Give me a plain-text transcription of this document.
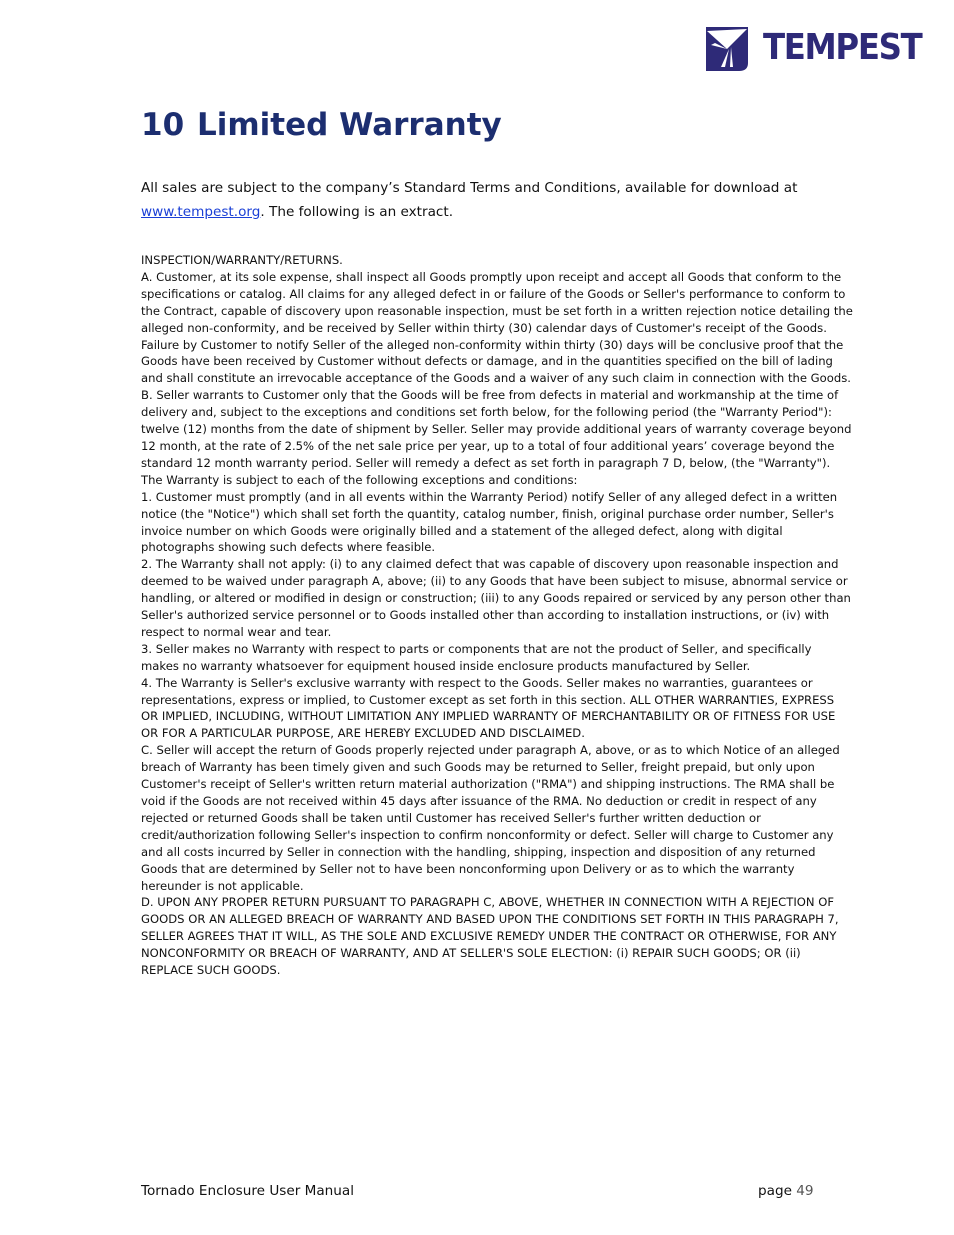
TEMPEST
10 Limited Warranty

All sales are subject to the company’s Standard Terms and Conditions, available for download at
www.tempest.org. The following is an extract.

INSPECTION/WARRANTY/RETURNS.

A. Customer, at its sole expense, shall inspect all Goods promptly upon receipt and accept all Goods that conform to the specifications or catalog. All claims for any alleged defect in or failure of the Goods or Seller's performance to conform to the Contract, capable of discovery upon reasonable inspection, must be set forth in a written rejection notice detailing the alleged non-conformity, and be received by Seller within thirty (30) calendar days of Customer's receipt of the Goods. Failure by Customer to notify Seller of the alleged non-conformity within thirty (30) days will be conclusive proof that the Goods have been received by Customer without defects or damage, and in the quantities specified on the bill of lading and shall constitute an irrevocable acceptance of the Goods and a waiver of any such claim in connection with the Goods.

B. Seller warrants to Customer only that the Goods will be free from defects in material and workmanship at the time of delivery and, subject to the exceptions and conditions set forth below, for the following period (the "Warranty Period"): twelve (12) months from the date of shipment by Seller. Seller may provide additional years of warranty coverage beyond 12 month, at the rate of 2.5% of the net sale price per year, up to a total of four additional years’ coverage beyond the standard 12 month warranty period. Seller will remedy a defect as set forth in paragraph 7 D, below, (the "Warranty"). The Warranty is subject to each of the following exceptions and conditions:

1. Customer must promptly (and in all events within the Warranty Period) notify Seller of any alleged defect in a written notice (the "Notice") which shall set forth the quantity, catalog number, finish, original purchase order number, Seller's invoice number on which Goods were originally billed and a statement of the alleged defect, along with digital photographs showing such defects where feasible.

2. The Warranty shall not apply: (i) to any claimed defect that was capable of discovery upon reasonable inspection and deemed to be waived under paragraph A, above; (ii) to any Goods that have been subject to misuse, abnormal service or handling, or altered or modified in design or construction; (iii) to any Goods repaired or serviced by any person other than Seller's authorized service personnel or to Goods installed other than according to installation instructions, or (iv) with respect to normal wear and tear.

3. Seller makes no Warranty with respect to parts or components that are not the product of Seller, and specifically makes no warranty whatsoever for equipment housed inside enclosure products manufactured by Seller.

4. The Warranty is Seller's exclusive warranty with respect to the Goods. Seller makes no warranties, guarantees or representations, express or implied, to Customer except as set forth in this section. ALL OTHER WARRANTIES, EXPRESS OR IMPLIED, INCLUDING, WITHOUT LIMITATION ANY IMPLIED WARRANTY OF MERCHANTABILITY OR OF FITNESS FOR USE OR FOR A PARTICULAR PURPOSE, ARE HEREBY EXCLUDED AND DISCLAIMED.

C. Seller will accept the return of Goods properly rejected under paragraph A, above, or as to which Notice of an alleged breach of Warranty has been timely given and such Goods may be returned to Seller, freight prepaid, but only upon Customer's receipt of Seller's written return material authorization ("RMA") and shipping instructions. The RMA shall be void if the Goods are not received within 45 days after issuance of the RMA. No deduction or credit in respect of any rejected or returned Goods shall be taken until Customer has received Seller's further written deduction or credit/authorization following Seller's inspection to confirm nonconformity or defect. Seller will charge to Customer any and all costs incurred by Seller in connection with the handling, shipping, inspection and disposition of any returned Goods that are determined by Seller not to have been nonconforming upon Delivery or as to which the warranty hereunder is not applicable.

D. UPON ANY PROPER RETURN PURSUANT TO PARAGRAPH C, ABOVE, WHETHER IN CONNECTION WITH A REJECTION OF GOODS OR AN ALLEGED BREACH OF WARRANTY AND BASED UPON THE CONDITIONS SET FORTH IN THIS PARAGRAPH 7, SELLER AGREES THAT IT WILL, AS THE SOLE AND EXCLUSIVE REMEDY UNDER THE CONTRACT OR OTHERWISE, FOR ANY NONCONFORMITY OR BREACH OF WARRANTY, AND AT SELLER'S SOLE ELECTION: (i) REPAIR SUCH GOODS; OR (ii) REPLACE SUCH GOODS.

Tornado Enclosure User Manual	page 49
